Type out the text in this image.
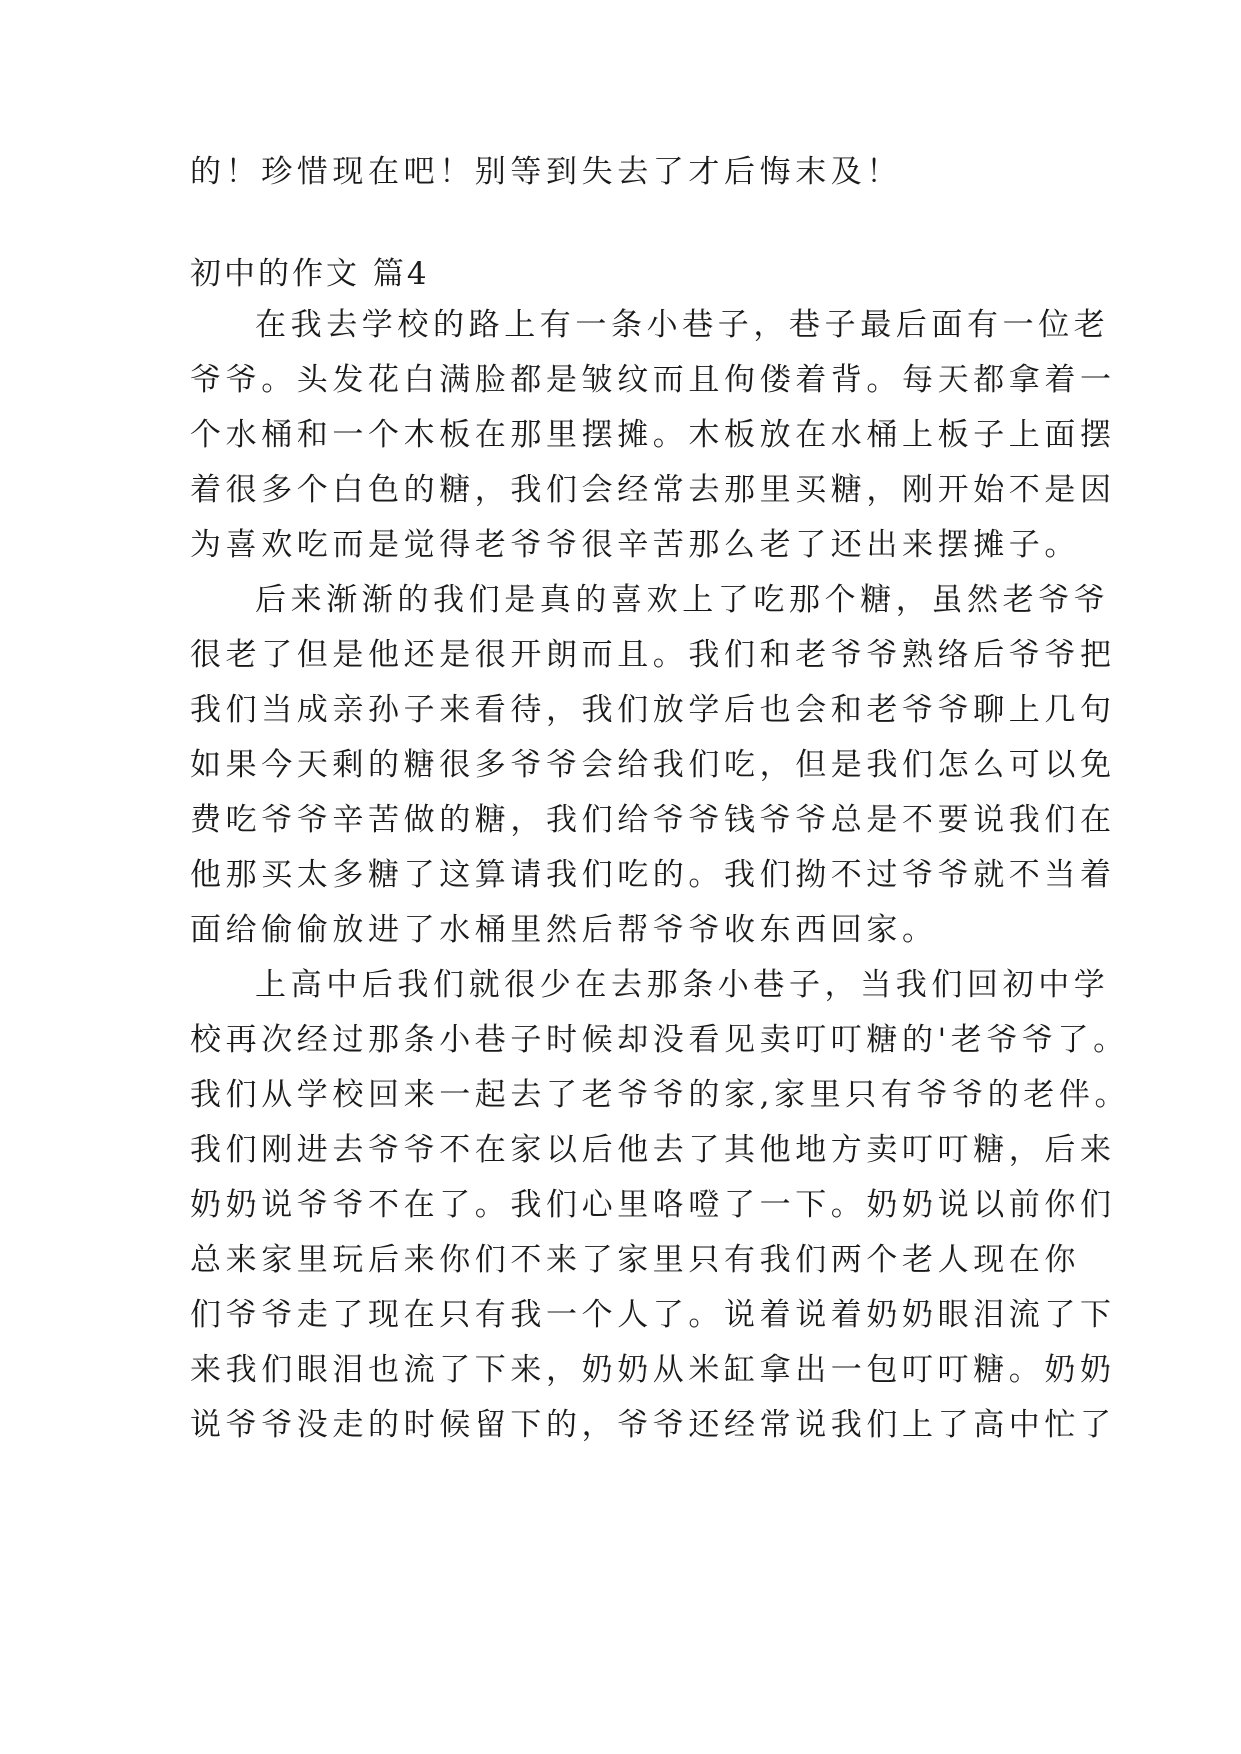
的！珍惜现在吧！别等到失去了才后悔末及！
初中的作文 篇4
在我去学校的路上有一条小巷子，巷子最后面有一位老
爷爷。头发花白满脸都是皱纹而且佝偻着背。每天都拿着一
个水桶和一个木板在那里摆摊。木板放在水桶上板子上面摆
着很多个白色的糖，我们会经常去那里买糖，刚开始不是因
为喜欢吃而是觉得老爷爷很辛苦那么老了还出来摆摊子。
后来渐渐的我们是真的喜欢上了吃那个糖，虽然老爷爷
很老了但是他还是很开朗而且。我们和老爷爷熟络后爷爷把
我们当成亲孙子来看待，我们放学后也会和老爷爷聊上几句
如果今天剩的糖很多爷爷会给我们吃，但是我们怎么可以免
费吃爷爷辛苦做的糖，我们给爷爷钱爷爷总是不要说我们在
他那买太多糖了这算请我们吃的。我们拗不过爷爷就不当着
面给偷偷放进了水桶里然后帮爷爷收东西回家。
上高中后我们就很少在去那条小巷子，当我们回初中学
校再次经过那条小巷子时候却没看见卖叮叮糖的'老爷爷了。
我们从学校回来一起去了老爷爷的家,家里只有爷爷的老伴。
我们刚进去爷爷不在家以后他去了其他地方卖叮叮糖，后来
奶奶说爷爷不在了。我们心里咯噔了一下。奶奶说以前你们
总来家里玩后来你们不来了家里只有我们两个老人现在你
们爷爷走了现在只有我一个人了。说着说着奶奶眼泪流了下
来我们眼泪也流了下来，奶奶从米缸拿出一包叮叮糖。奶奶
说爷爷没走的时候留下的，爷爷还经常说我们上了高中忙了
